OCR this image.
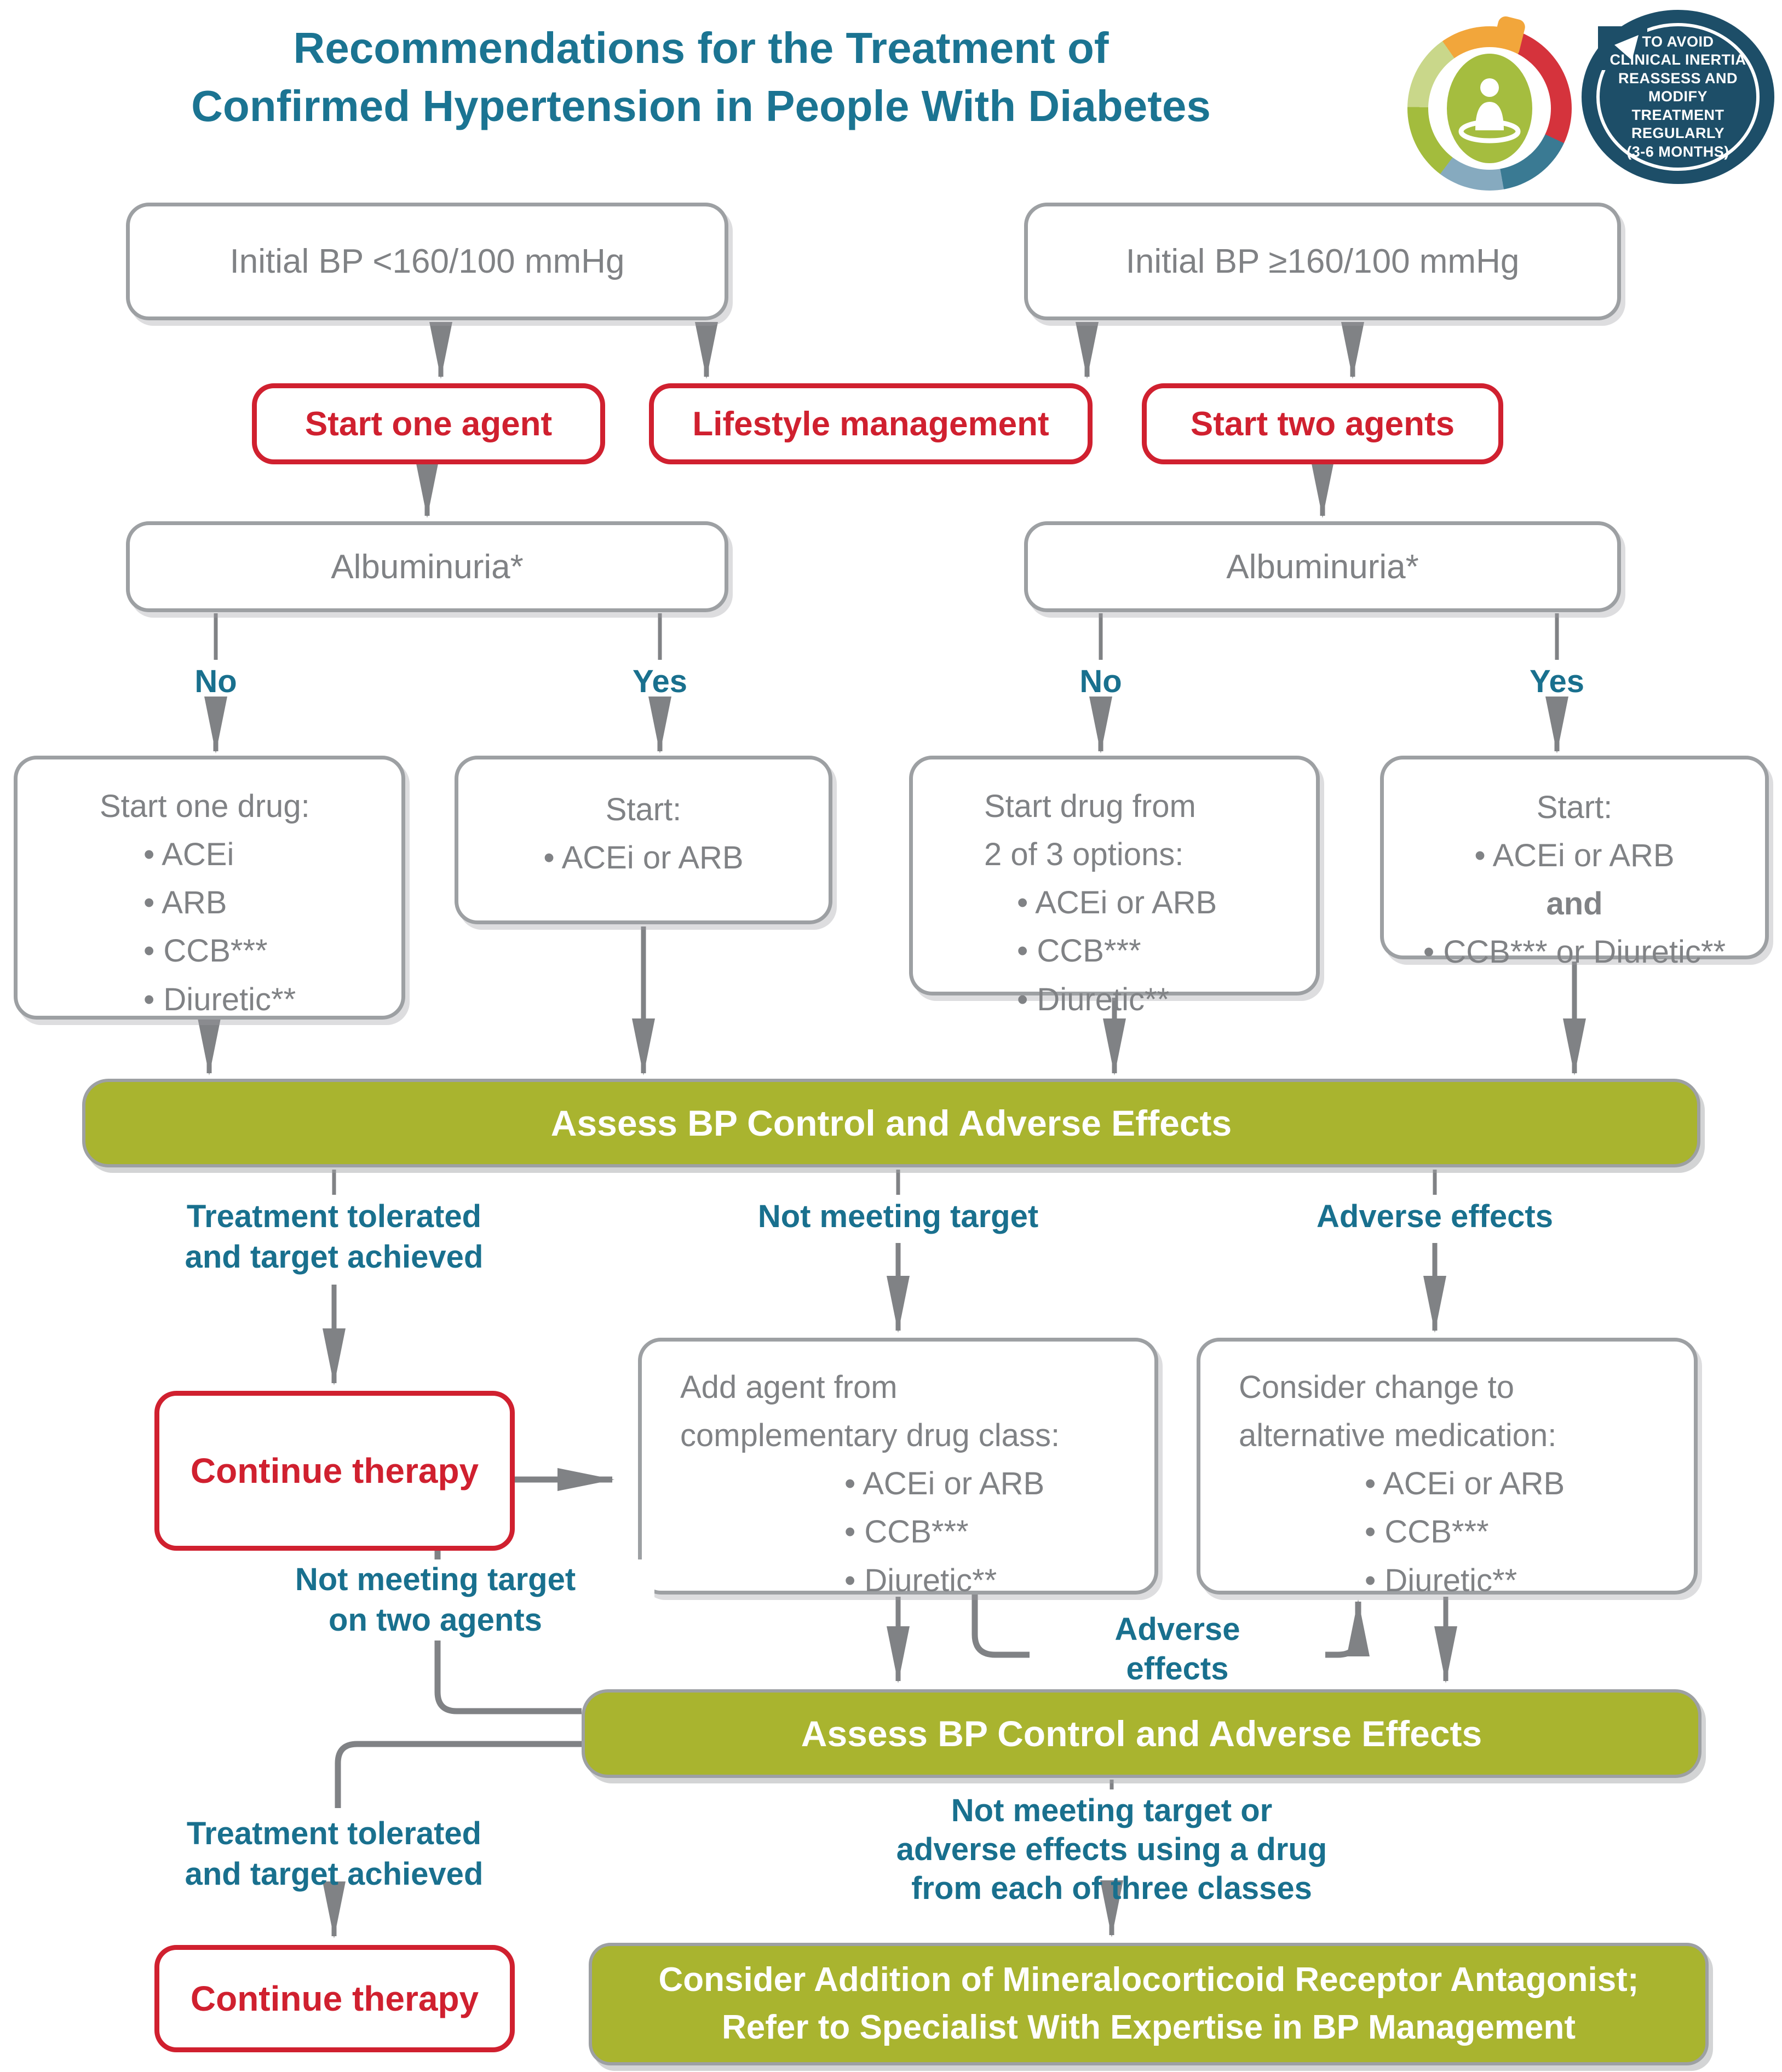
Recommendations for the Treatment of
Confirmed Hypertension in People With Diabetes
TO AVOID
CLINICAL INERTIA
REASSESS AND
MODIFY
TREATMENT
REGULARLY
(3-6 MONTHS)
Initial BP <160/100 mmHg	Initial BP ≥160/100 mmHg
Start one agent	Lifestyle management	Start two agents
Albuminuria*	Albuminuria*
No	Yes	No	Yes
Start one drug:
• ACEi
• ARB
• CCB***
• Diuretic**
Start:
• ACEi or ARB
Start drug from
2 of 3 options:
• ACEi or ARB
• CCB***
• Diuretic**
Start:
• ACEi or ARB
and
• CCB*** or Diuretic**
Assess BP Control and Adverse Effects
Treatment tolerated
and target achieved
Not meeting target	Adverse effects
Continue therapy
Add agent from
complementary drug class:
• ACEi or ARB
• CCB***
• Diuretic**
Consider change to
alternative medication:
• ACEi or ARB
• CCB***
• Diuretic**
Not meeting target
on two agents	Adverse
effects
Assess BP Control and Adverse Effects
Treatment tolerated
and target achieved
Not meeting target or
adverse effects using a drug
from each of three classes
Continue therapy	Consider Addition of Mineralocorticoid Receptor Antagonist;
Refer to Specialist With Expertise in BP Management
